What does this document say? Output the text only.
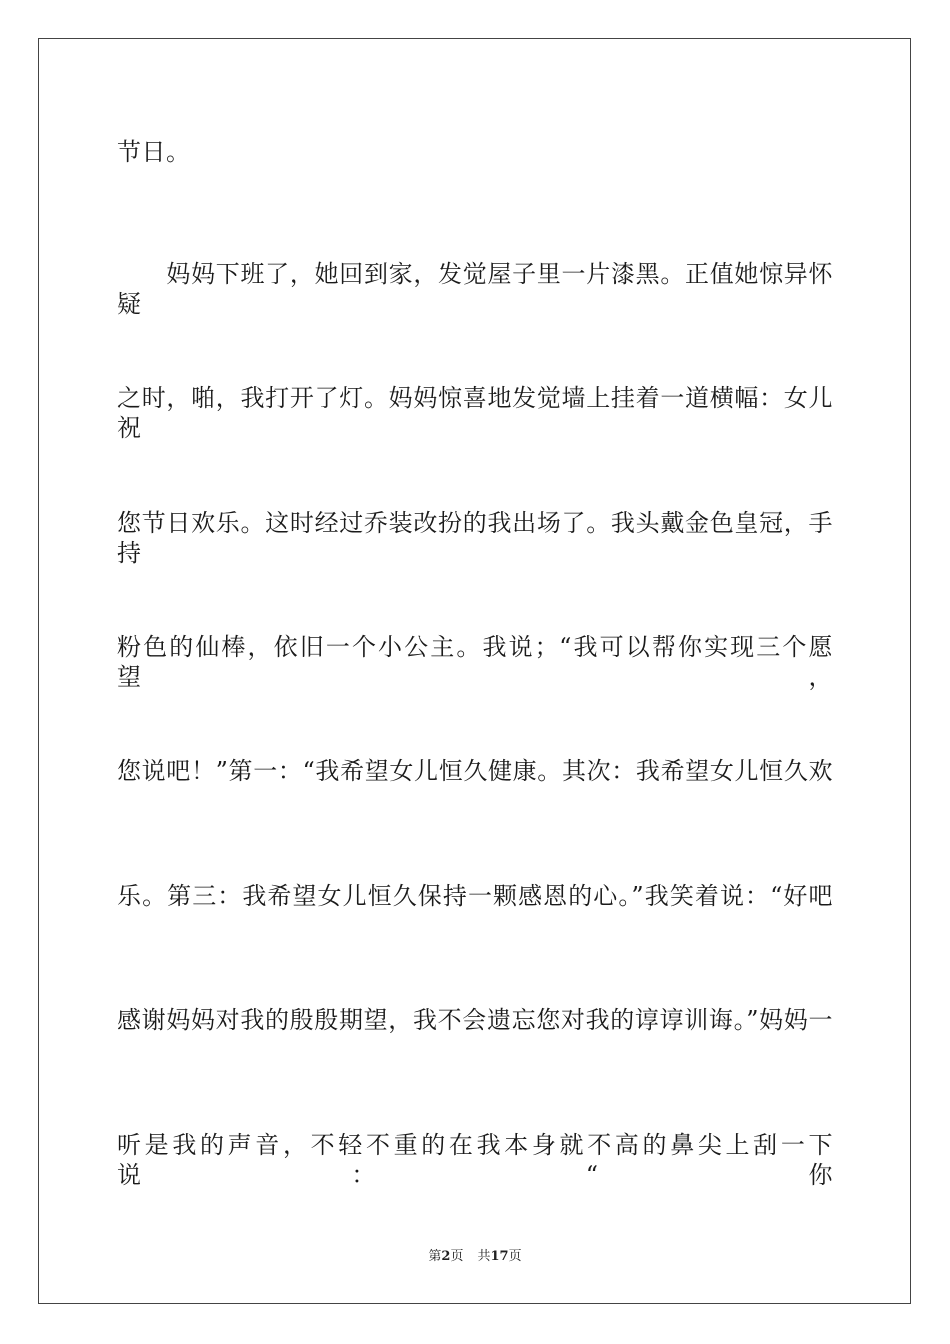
节日。
　　妈妈下班了，她回到家，发觉屋子里一片漆黑。正值她惊异怀疑
之时，啪，我打开了灯。妈妈惊喜地发觉墙上挂着一道横幅：女儿祝
您节日欢乐。这时经过乔装改扮的我出场了。我头戴金色皇冠，手持
粉色的仙棒，依旧一个小公主。我说；“我可以帮你实现三个愿望，
您说吧！”第一：“我希望女儿恒久健康。其次：我希望女儿恒久欢
乐。第三：我希望女儿恒久保持一颗感恩的心。”我笑着说：“好吧
感谢妈妈对我的殷殷期望，我不会遗忘您对我的谆谆训诲。”妈妈一
听是我的声音，不轻不重的在我本身就不高的鼻尖上刮一下说：“你
第2页 共17页
